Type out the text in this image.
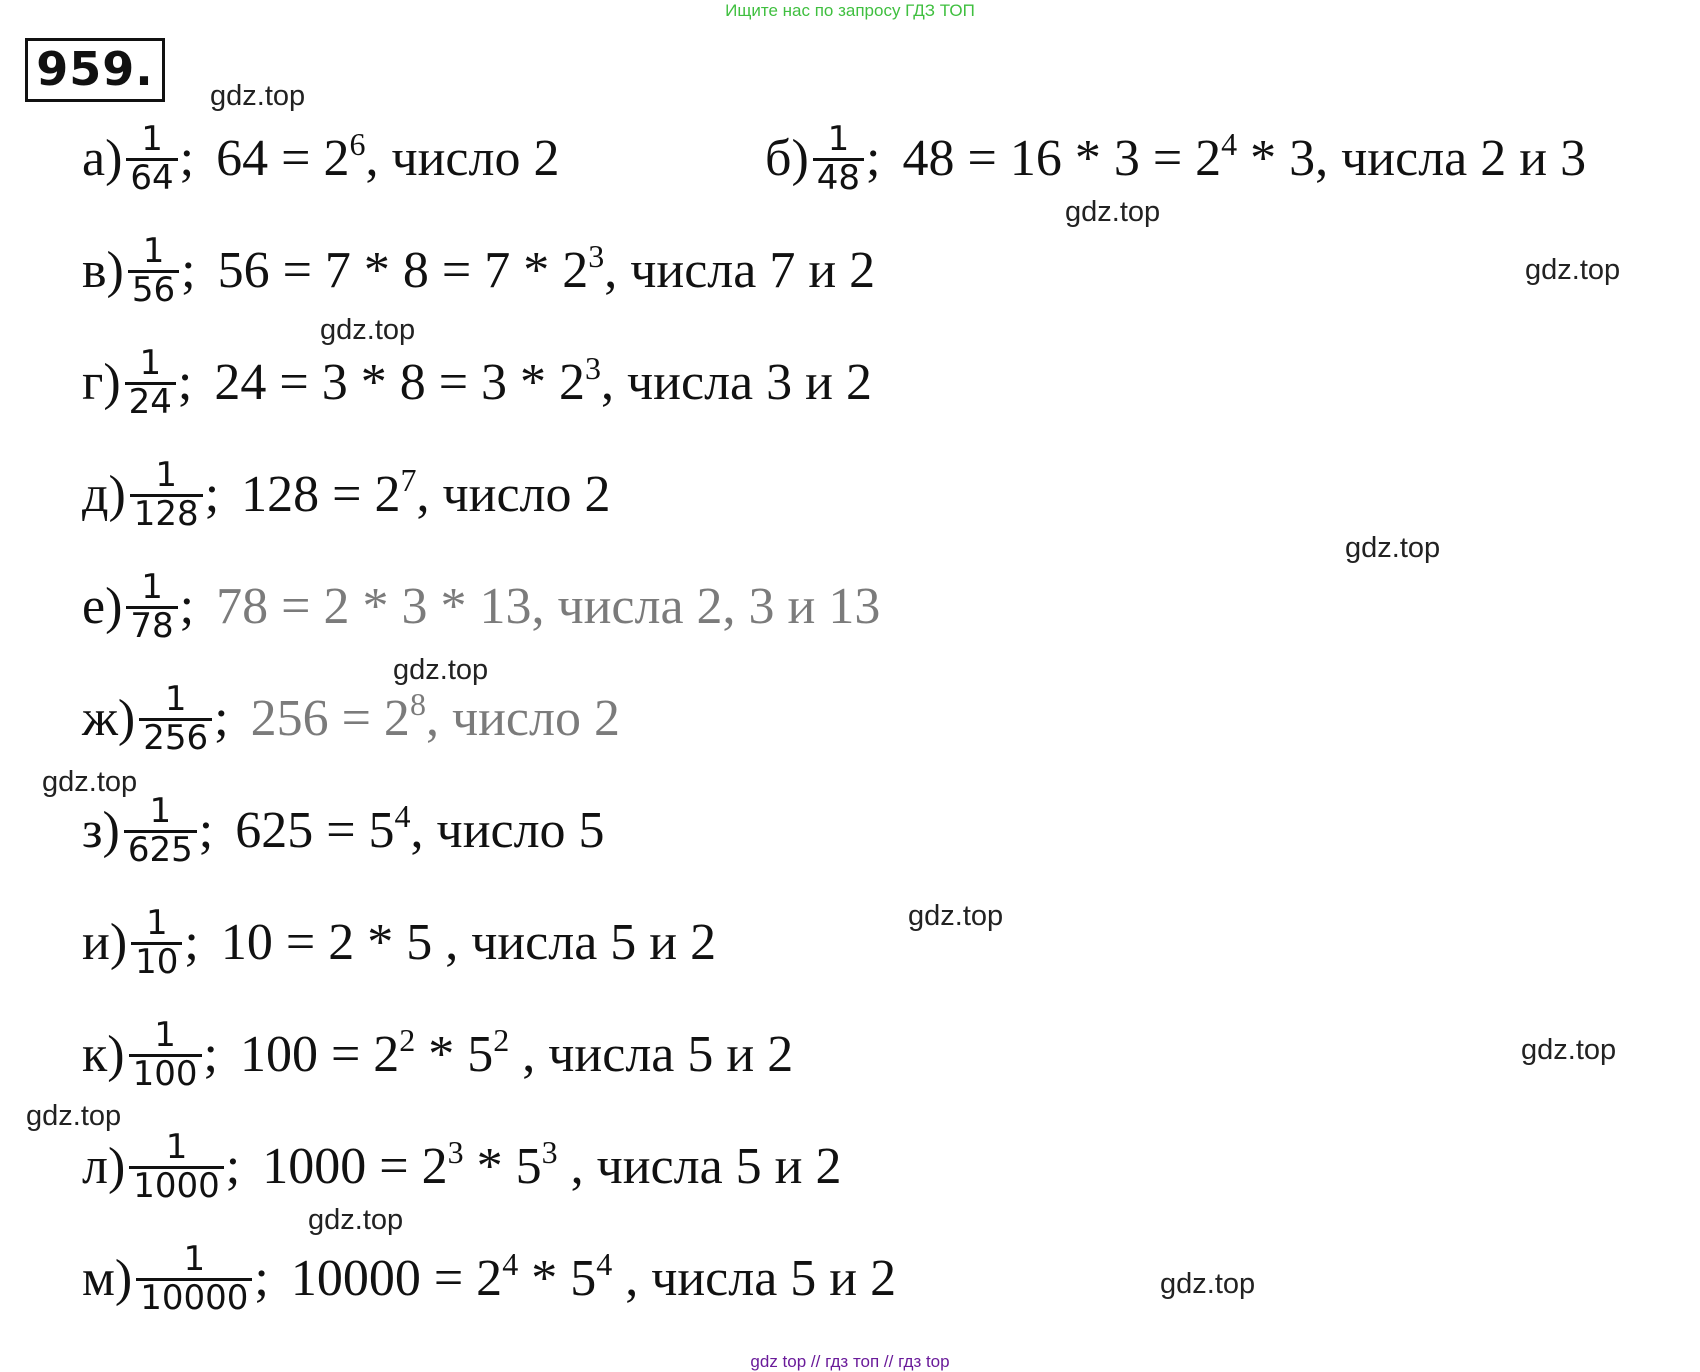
Ищите нас по запросу ГДЗ ТОП
959.	gdz.top
gdz.top
gdz.top
gdz.top
gdz.top
gdz.top
gdz.top
gdz.top
gdz.top
gdz.top
gdz.top
gdz.top
$а) \frac{1}{64}$ ; $64 = 2^6$, число 2	$б) \frac{1}{48}$ ; $48 = 16 * 3 = 2^4 * 3$, числа 2 и 3
$в) \frac{1}{56}$ ; $56 = 7 * 8 = 7 * 2^3$, числа 7 и 2
$г) \frac{1}{24}$ ; $24 = 3 * 8 = 3 * 2^3$, числа 3 и 2
$д) \frac{1}{128}$ ; $128 = 2^7$, число 2
$е) \frac{1}{78}$ ; 78 = 2 * 3 * 13, числа 2, 3 и 13
$ж) \frac{1}{256}$ ; $256 = 2^8$, число 2
$з) \frac{1}{625}$ ; $625 = 5^4$, число 5
$и) \frac{1}{10}$ ; 10 = 2 * 5 , числа 5 и 2
$к) \frac{1}{100}$ ; $100 = 2^2 * 5^2$ , числа 5 и 2
$л) \frac{1}{1000}$ ; $1000 = 2^3 * 5^3$ , числа 5 и 2
$м) \frac{1}{10000}$ ; $10000 = 2^4 * 5^4$ , числа 5 и 2
gdz top // гдз топ // гдз top
